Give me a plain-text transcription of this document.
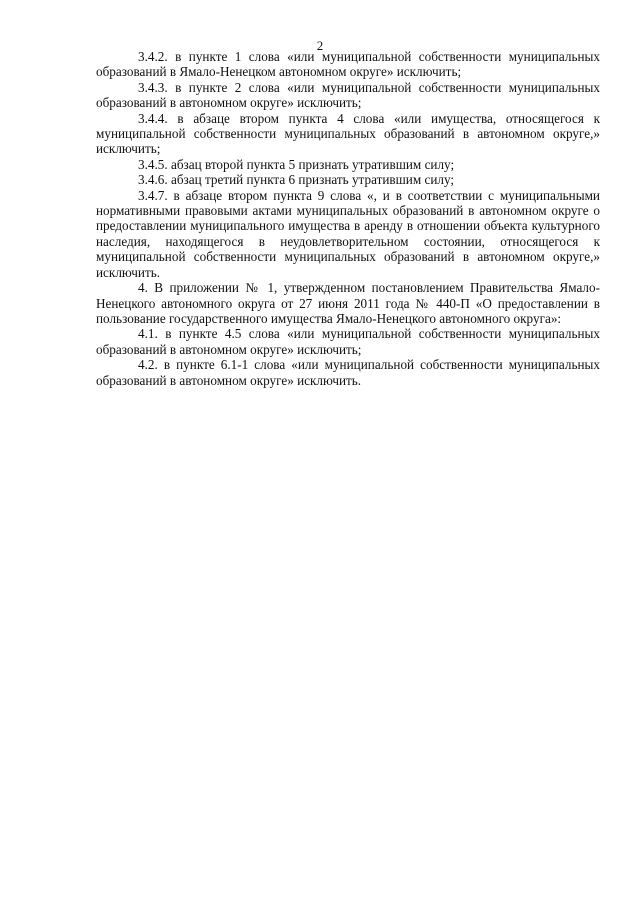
2

3.4.2. в пункте 1 слова «или муниципальной собственности муниципальных образований в Ямало-Ненецком автономном округе» исключить;

3.4.3. в пункте 2 слова «или муниципальной собственности муниципальных образований в автономном округе» исключить;

3.4.4. в абзаце втором пункта 4 слова «или имущества, относящегося к муниципальной собственности муниципальных образований в автономном округе,» исключить;

3.4.5. абзац второй пункта 5 признать утратившим силу;

3.4.6. абзац третий пункта 6 признать утратившим силу;

3.4.7. в абзаце втором пункта 9 слова «, и в соответствии с муниципальными нормативными правовыми актами муниципальных образований в автономном округе о предоставлении муниципального имущества в аренду в отношении объекта культурного наследия, находящегося в неудовлетворительном состоянии, относящегося к муниципальной собственности муниципальных образований в автономном округе,» исключить.

4. В приложении № 1, утвержденном постановлением Правительства Ямало-Ненецкого автономного округа от 27 июня 2011 года № 440-П «О предоставлении в пользование государственного имущества Ямало-Ненецкого автономного округа»:

4.1. в пункте 4.5 слова «или муниципальной собственности муниципальных образований в автономном округе» исключить;

4.2. в пункте 6.1-1 слова «или муниципальной собственности муниципальных образований в автономном округе» исключить.
